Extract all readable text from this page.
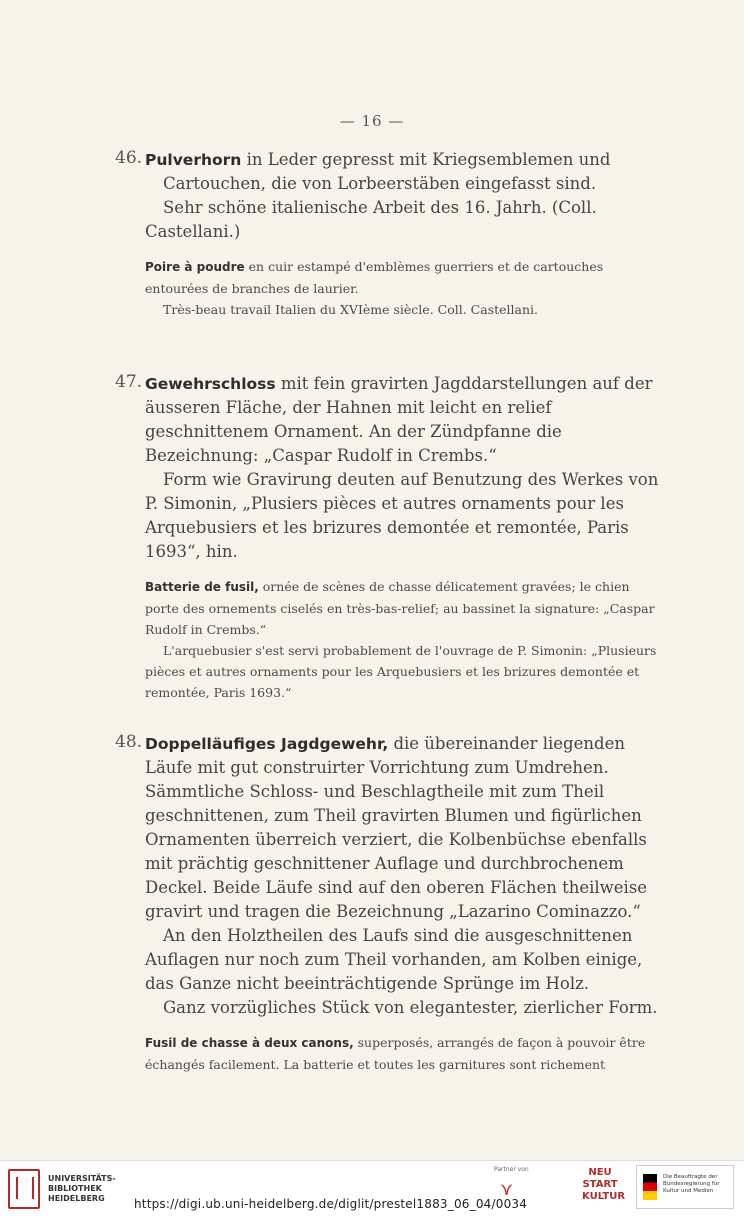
— 16 —
46. Pulverhorn in Leder gepresst mit Kriegsemblemen und Cartouchen, die von Lorbeerstäben eingefasst sind.

Sehr schöne italienische Arbeit des 16. Jahrh. (Coll. Castellani.)

Poire à poudre en cuir estampé d'emblèmes guerriers et de cartouches entourées de branches de laurier.

Très-beau travail Italien du XVIème siècle. Coll. Castellani.

47. Gewehrschloss mit fein gravirten Jagddarstellungen auf der äusseren Fläche, der Hahnen mit leicht en relief geschnittenem Ornament. An der Zündpfanne die Bezeichnung: „Caspar Rudolf in Crembs.“

Form wie Gravirung deuten auf Benutzung des Werkes von P. Simonin, „Plusiers pièces et autres ornaments pour les Arquebusiers et les brizures demontée et remontée, Paris 1693“, hin.

Batterie de fusil, ornée de scènes de chasse délicatement gravées; le chien porte des ornements ciselés en très-bas-relief; au bassinet la signature: „Caspar Rudolf in Crembs.“

L'arquebusier s'est servi probablement de l'ouvrage de P. Simonin: „Plusieurs pièces et autres ornaments pour les Arquebusiers et les brizures demontée et remontée, Paris 1693.“

48. Doppelläufiges Jagdgewehr, die übereinander liegenden Läufe mit gut construirter Vorrichtung zum Umdrehen. Sämmtliche Schloss- und Beschlagtheile mit zum Theil geschnittenen, zum Theil gravirten Blumen und figürlichen Ornamenten überreich verziert, die Kolbenbüchse ebenfalls mit prächtig geschnittener Auflage und durchbrochenem Deckel. Beide Läufe sind auf den oberen Flächen theilweise gravirt und tragen die Bezeichnung „Lazarino Cominazzo.“

An den Holztheilen des Laufs sind die ausgeschnittenen Auflagen nur noch zum Theil vorhanden, am Kolben einige, das Ganze nicht beeinträchtigende Sprünge im Holz.

Ganz vorzügliches Stück von elegantester, zierlicher Form.

Fusil de chasse à deux canons, superposés, arrangés de façon à pouvoir être échangés facilement. La batterie et toutes les garnitures sont richement

UNIVERSITÄTS-
BIBLIOTHEK
HEIDELBERG	https://digi.ub.uni-heidelberg.de/diglit/prestel1883_06_04/0034
Partner von
⋎
NEU
START
KULTUR
Die Beauftragte der Bundesregierung für Kultur und Medien
